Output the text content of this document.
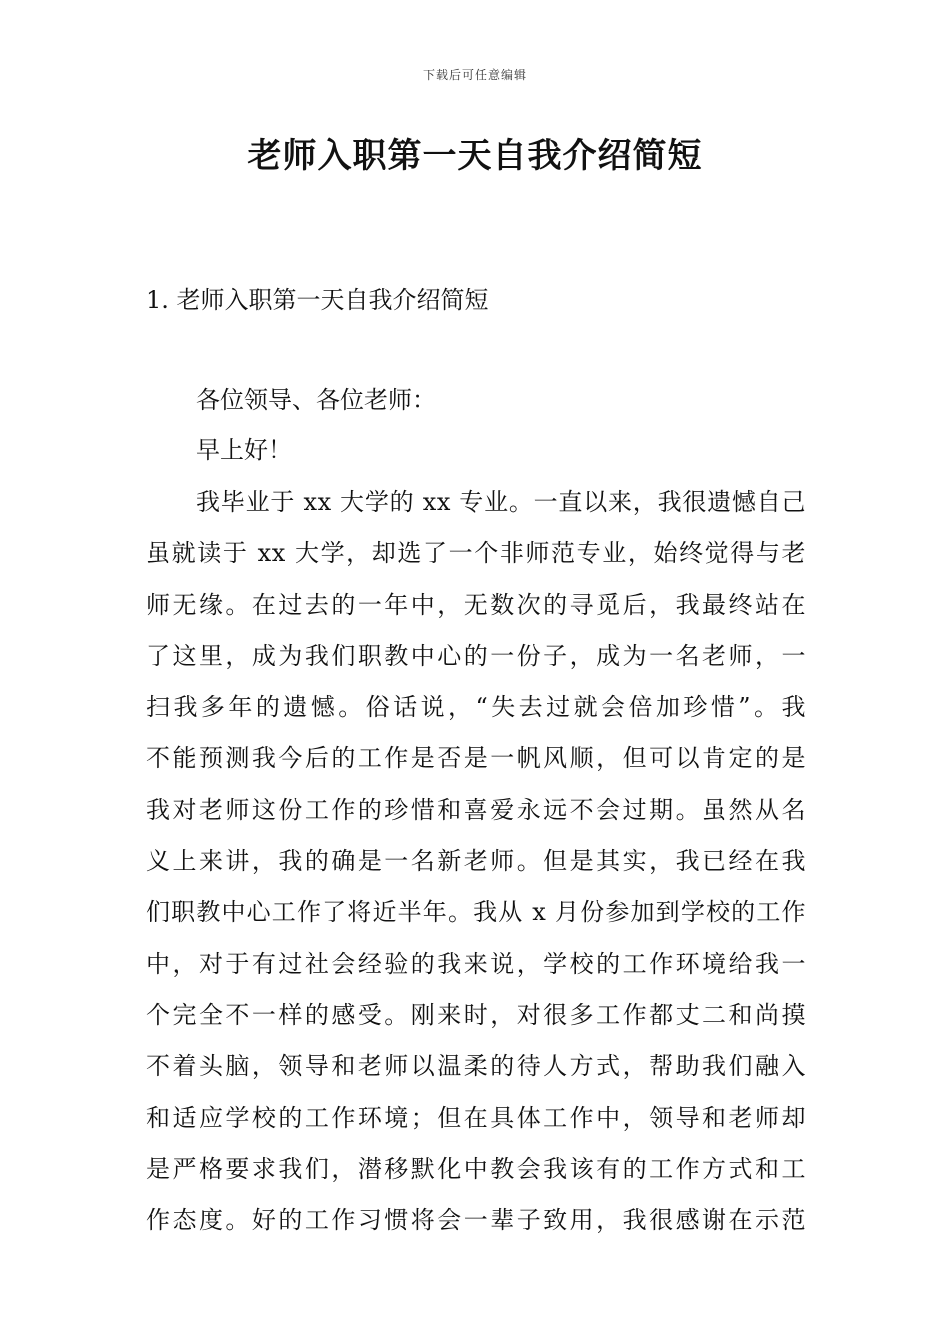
下载后可任意编辑
老师入职第一天自我介绍简短

1. 老师入职第一天自我介绍简短

各位领导、各位老师：

早上好！

我毕业于 xx 大学的 xx 专业。一直以来，我很遗憾自己
虽就读于 xx 大学，却选了一个非师范专业，始终觉得与老
师无缘。在过去的一年中，无数次的寻觅后，我最终站在
了这里，成为我们职教中心的一份子，成为一名老师，一
扫我多年的遗憾。俗话说，“失去过就会倍加珍惜”。我
不能预测我今后的工作是否是一帆风顺，但可以肯定的是
我对老师这份工作的珍惜和喜爱永远不会过期。虽然从名
义上来讲，我的确是一名新老师。但是其实，我已经在我
们职教中心工作了将近半年。我从 x 月份参加到学校的工作
中，对于有过社会经验的我来说，学校的工作环境给我一
个完全不一样的感受。刚来时，对很多工作都丈二和尚摸
不着头脑，领导和老师以温柔的待人方式，帮助我们融入
和适应学校的工作环境；但在具体工作中，领导和老师却
是严格要求我们，潜移默化中教会我该有的工作方式和工
作态度。好的工作习惯将会一辈子致用，我很感谢在示范
